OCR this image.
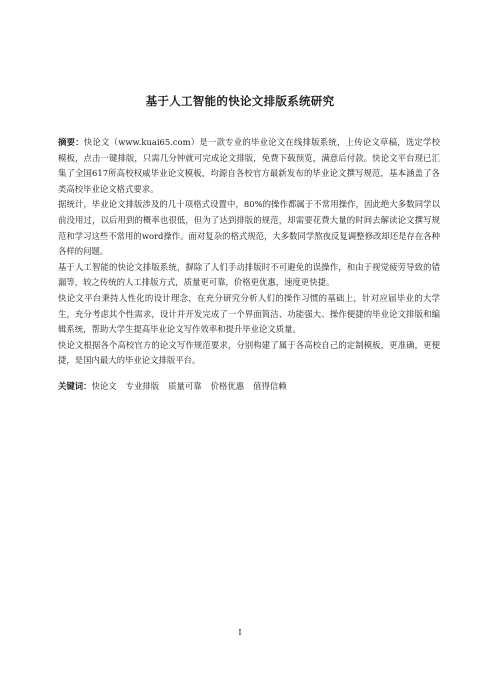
基于人工智能的快论文排版系统研究

摘要：快论文（www.kuai65.com）是一款专业的毕业论文在线排版系统，上传论文草稿，选定学校模板，点击一键排版，只需几分钟就可完成论文排版，免费下载预览，满意后付款。快论文平台现已汇集了全国617所高校权威毕业论文模板，均源自各校官方最新发布的毕业论文撰写规范，基本涵盖了各类高校毕业论文格式要求。

据统计，毕业论文排版涉及的几十项格式设置中，80%的操作都属于不常用操作，因此绝大多数同学以前没用过，以后用到的概率也很低，但为了达到排版的规范，却需要花费大量的时间去解读论文撰写规范和学习这些不常用的word操作。面对复杂的格式规范，大多数同学熬夜反复调整修改却还是存在各种各样的问题。

基于人工智能的快论文排版系统，摒除了人们手动排版时不可避免的误操作，和由于视觉疲劳导致的错漏等，较之传统的人工排版方式，质量更可靠，价格更优惠，速度更快捷。

快论文平台秉持人性化的设计理念，在充分研究分析人们的操作习惯的基础上，针对应届毕业的大学生，充分考虑其个性需求，设计并开发完成了一个界面简洁、功能强大、操作便捷的毕业论文排版和编辑系统，帮助大学生提高毕业论文写作效率和提升毕业论文质量。

快论文根据各个高校官方的论文写作规范要求，分别构建了属于各高校自己的定制模板，更准确，更便捷，是国内最大的毕业论文排版平台。

关键词：快论文 专业排版 质量可靠 价格优惠 值得信赖

I
